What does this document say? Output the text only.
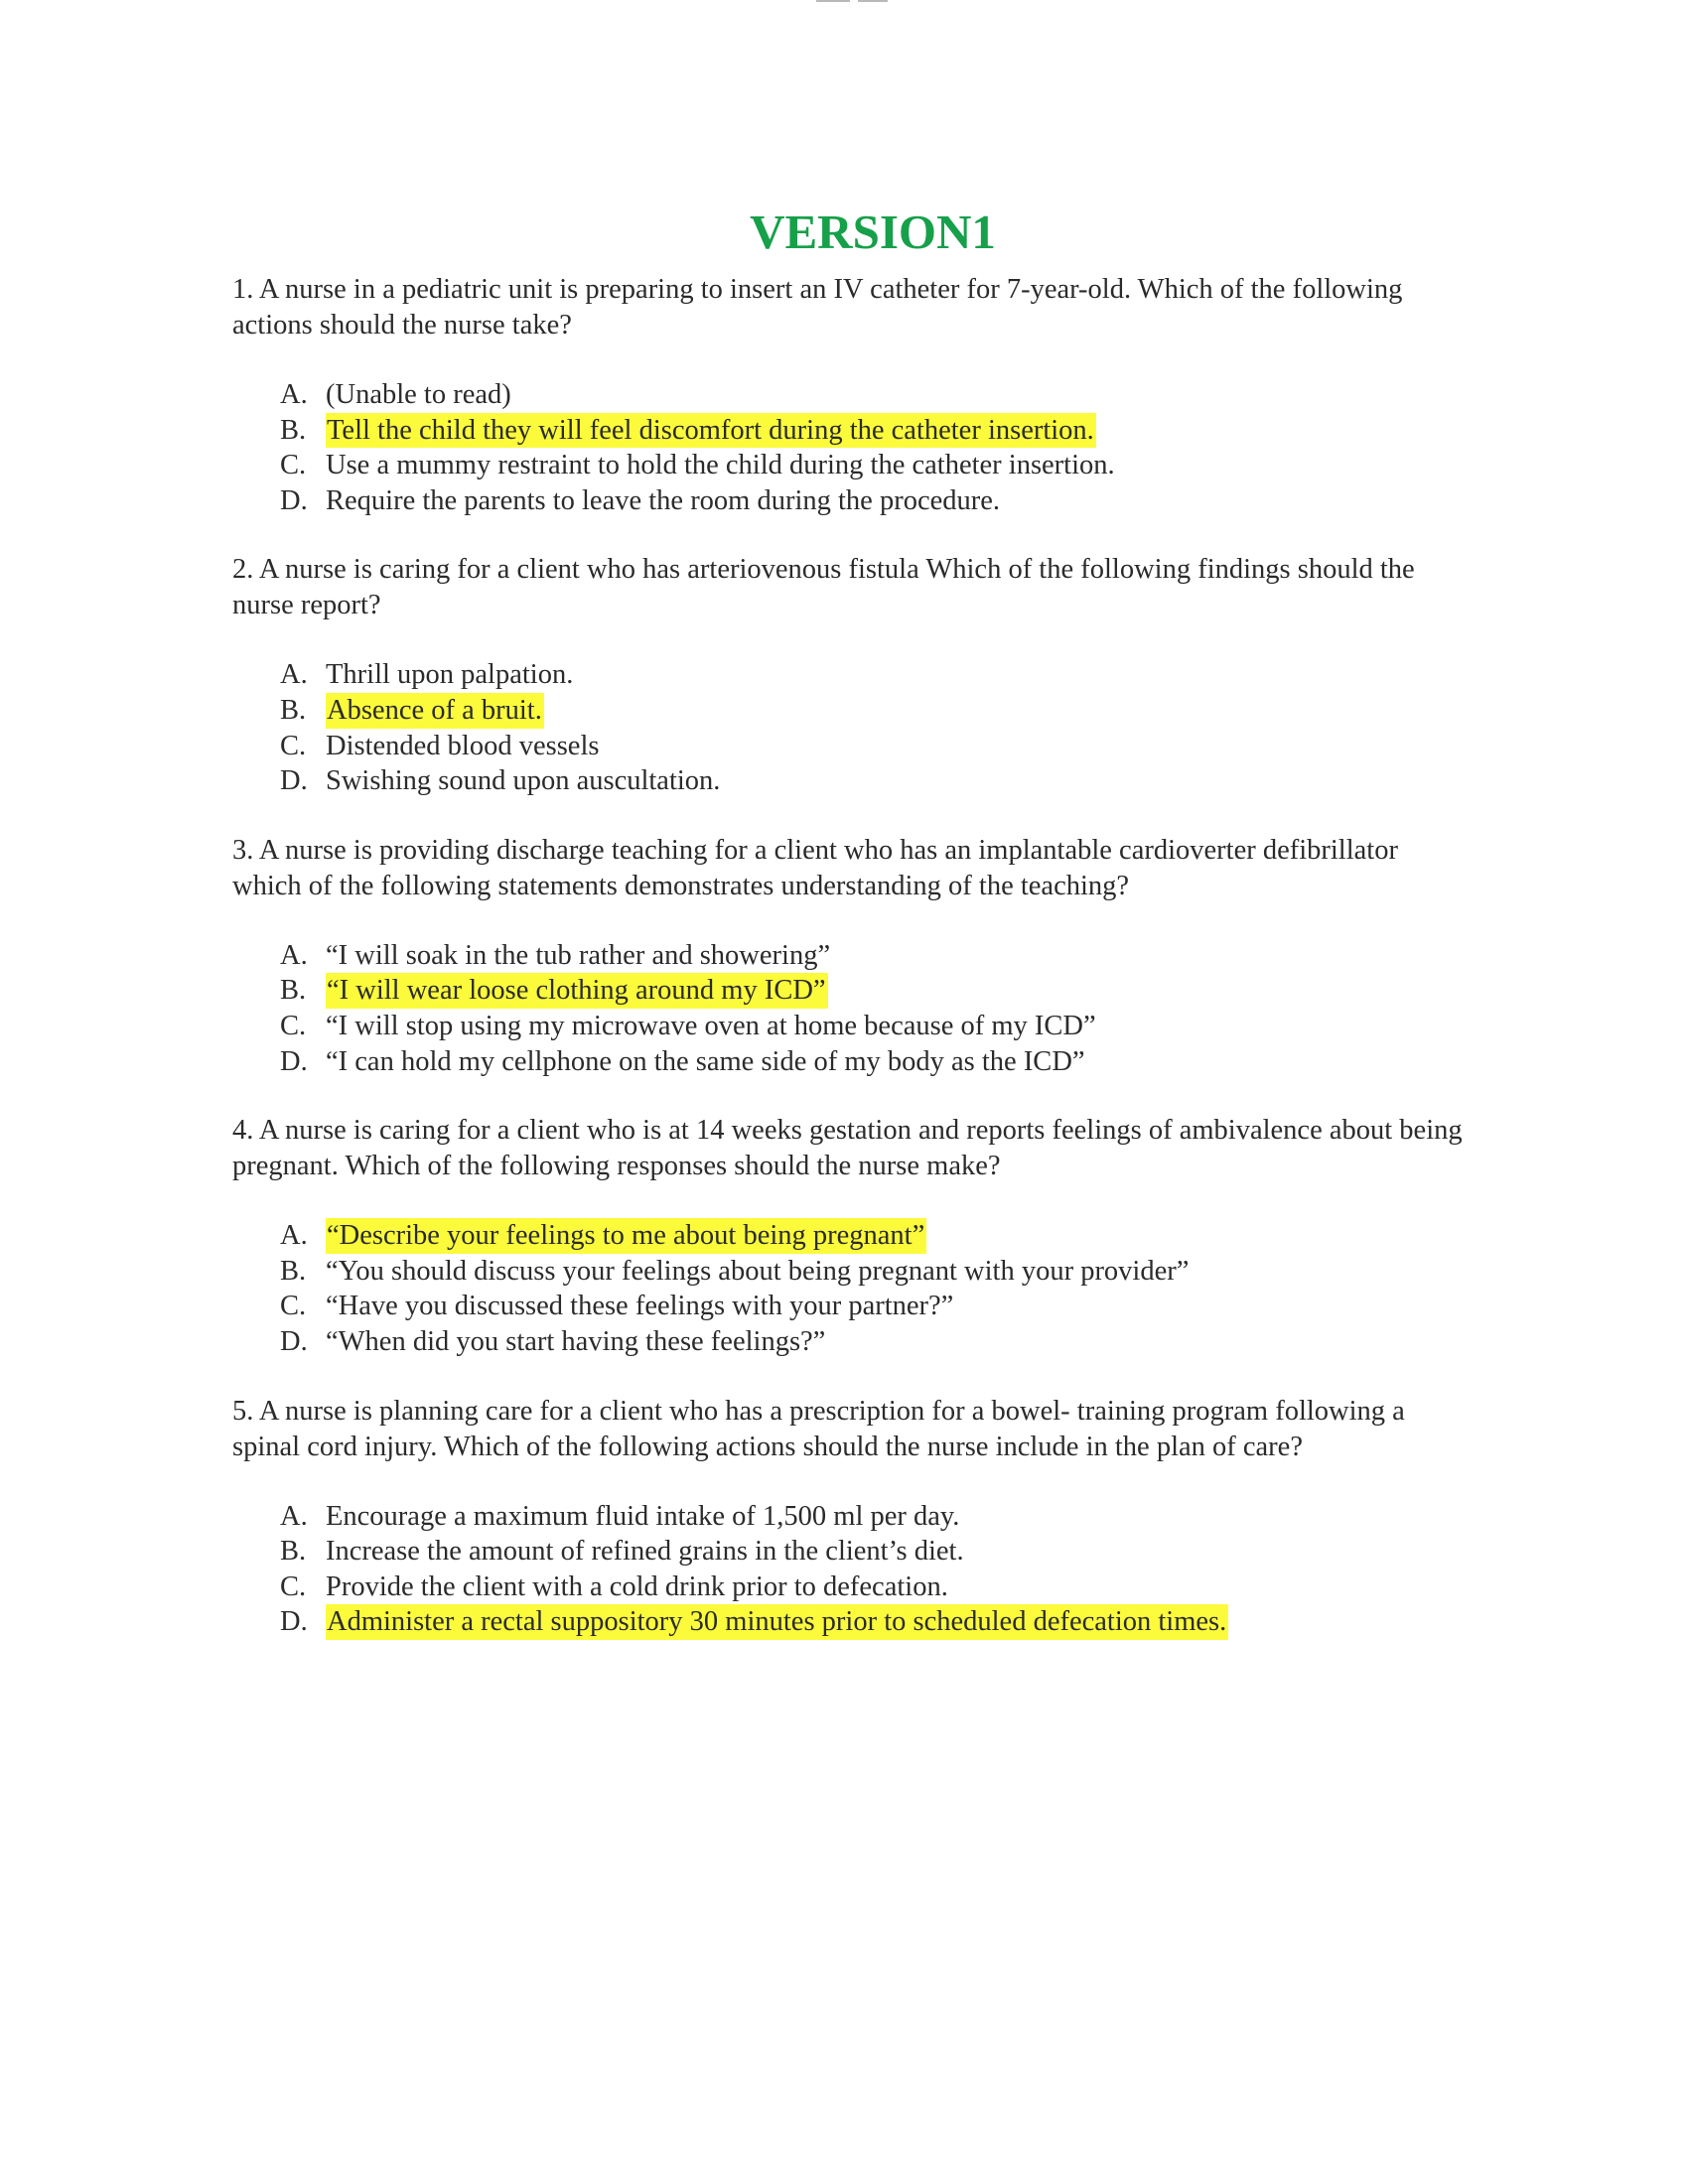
VERSION1

1. A nurse in a pediatric unit is preparing to insert an IV catheter for 7-year-old. Which of the following actions should the nurse take?

A. (Unable to read)
B. Tell the child they will feel discomfort during the catheter insertion.
C. Use a mummy restraint to hold the child during the catheter insertion.
D. Require the parents to leave the room during the procedure.

2. A nurse is caring for a client who has arteriovenous fistula Which of the following findings should the nurse report?

A. Thrill upon palpation.
B. Absence of a bruit.
C. Distended blood vessels
D. Swishing sound upon auscultation.

3. A nurse is providing discharge teaching for a client who has an implantable cardioverter defibrillator which of the following statements demonstrates understanding of the teaching?

A. “I will soak in the tub rather and showering”
B. “I will wear loose clothing around my ICD”
C. “I will stop using my microwave oven at home because of my ICD”
D. “I can hold my cellphone on the same side of my body as the ICD”

4. A nurse is caring for a client who is at 14 weeks gestation and reports feelings of ambivalence about being pregnant. Which of the following responses should the nurse make?

A. “Describe your feelings to me about being pregnant”
B. “You should discuss your feelings about being pregnant with your provider”
C. “Have you discussed these feelings with your partner?”
D. “When did you start having these feelings?”

5. A nurse is planning care for a client who has a prescription for a bowel- training program following a spinal cord injury. Which of the following actions should the nurse include in the plan of care?

A. Encourage a maximum fluid intake of 1,500 ml per day.
B. Increase the amount of refined grains in the client’s diet.
C. Provide the client with a cold drink prior to defecation.
D. Administer a rectal suppository 30 minutes prior to scheduled defecation times.
